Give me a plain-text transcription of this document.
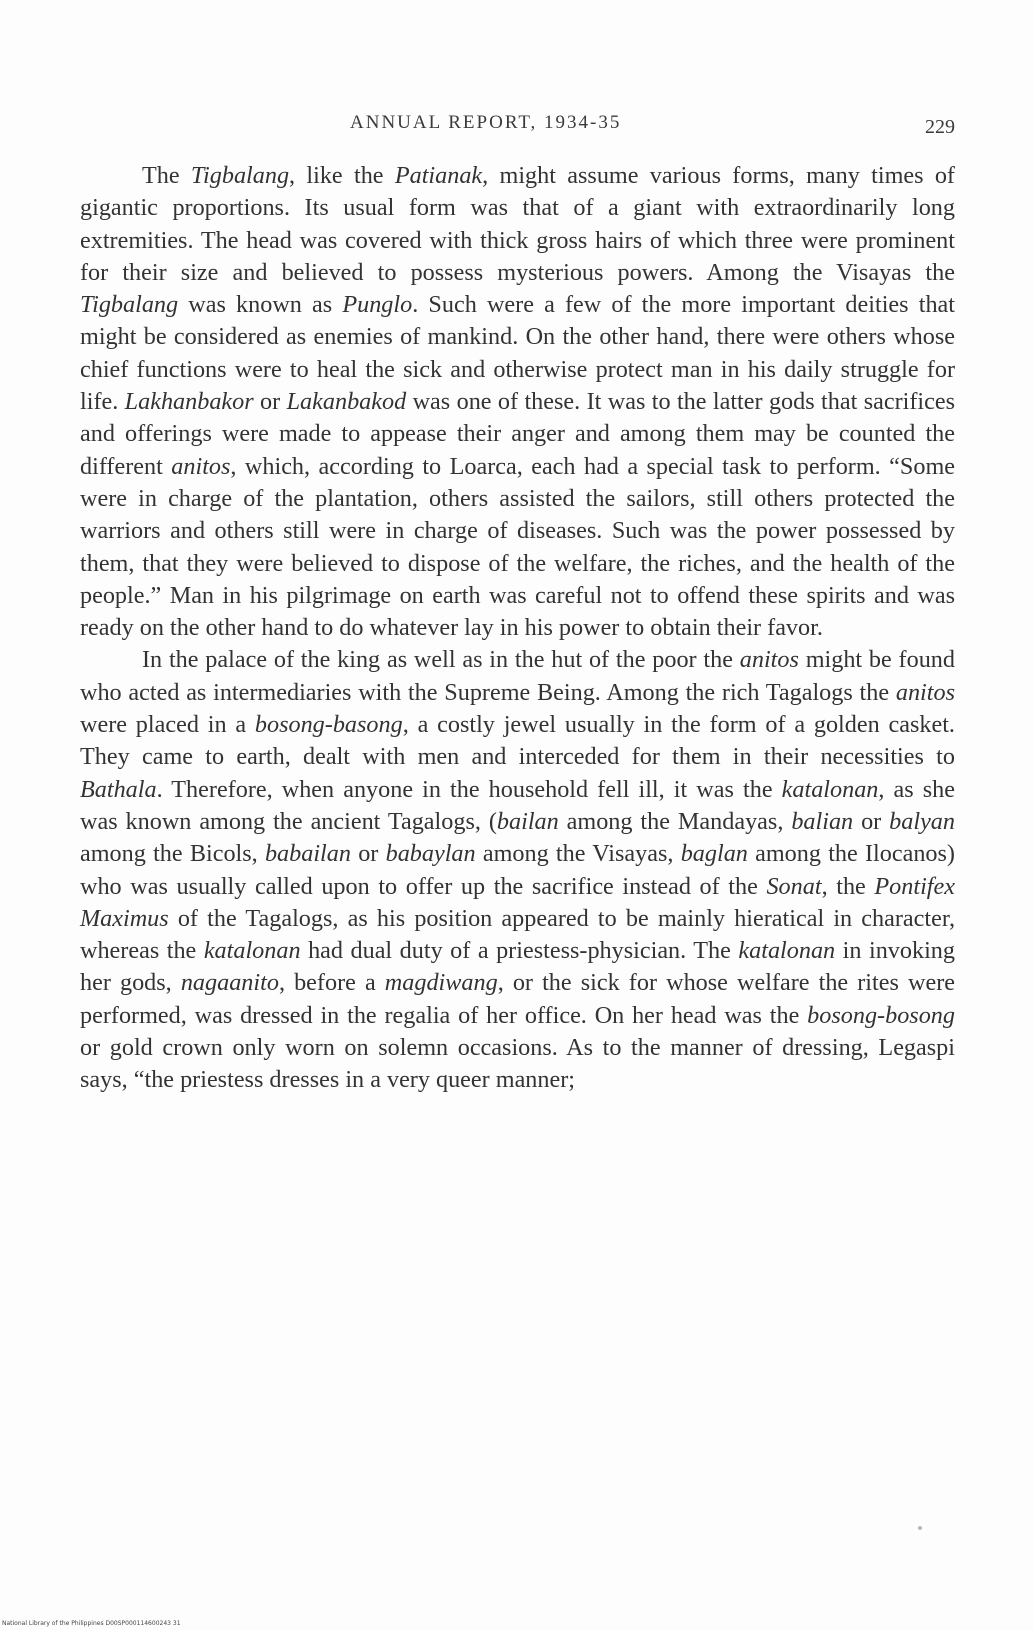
ANNUAL REPORT, 1934-35	229

The Tigbalang, like the Patianak, might assume various forms, many times of gigantic proportions. Its usual form was that of a giant with extraordinarily long extremities. The head was covered with thick gross hairs of which three were prominent for their size and believed to possess mysterious powers. Among the Visayas the Tigbalang was known as Punglo. Such were a few of the more important deities that might be considered as enemies of mankind. On the other hand, there were others whose chief functions were to heal the sick and otherwise protect man in his daily struggle for life. Lakhanbakor or Lakanbakod was one of these. It was to the latter gods that sacrifices and offerings were made to appease their anger and among them may be counted the different anitos, which, according to Loarca, each had a special task to perform. “Some were in charge of the plantation, others assisted the sailors, still others protected the warriors and others still were in charge of diseases. Such was the power possessed by them, that they were believed to dispose of the welfare, the riches, and the health of the people.” Man in his pilgrimage on earth was careful not to offend these spirits and was ready on the other hand to do whatever lay in his power to obtain their favor.

In the palace of the king as well as in the hut of the poor the anitos might be found who acted as intermediaries with the Supreme Being. Among the rich Tagalogs the anitos were placed in a bosong-basong, a costly jewel usually in the form of a golden casket. They came to earth, dealt with men and interceded for them in their necessities to Bathala. Therefore, when anyone in the household fell ill, it was the katalonan, as she was known among the ancient Tagalogs, (bailan among the Mandayas, balian or balyan among the Bicols, babailan or babaylan among the Visayas, baglan among the Ilocanos) who was usually called upon to offer up the sacrifice instead of the Sonat, the Pontifex Maximus of the Tagalogs, as his position appeared to be mainly hieratical in character, whereas the katalonan had dual duty of a priestess-physician. The katalonan in invoking her gods, nagaanito, before a magdiwang, or the sick for whose welfare the rites were performed, was dressed in the regalia of her office. On her head was the bosong-bosong or gold crown only worn on solemn occasions. As to the manner of dressing, Legaspi says, “the priestess dresses in a very queer manner;

National Library of the Philippines D00SP000114600243 31
